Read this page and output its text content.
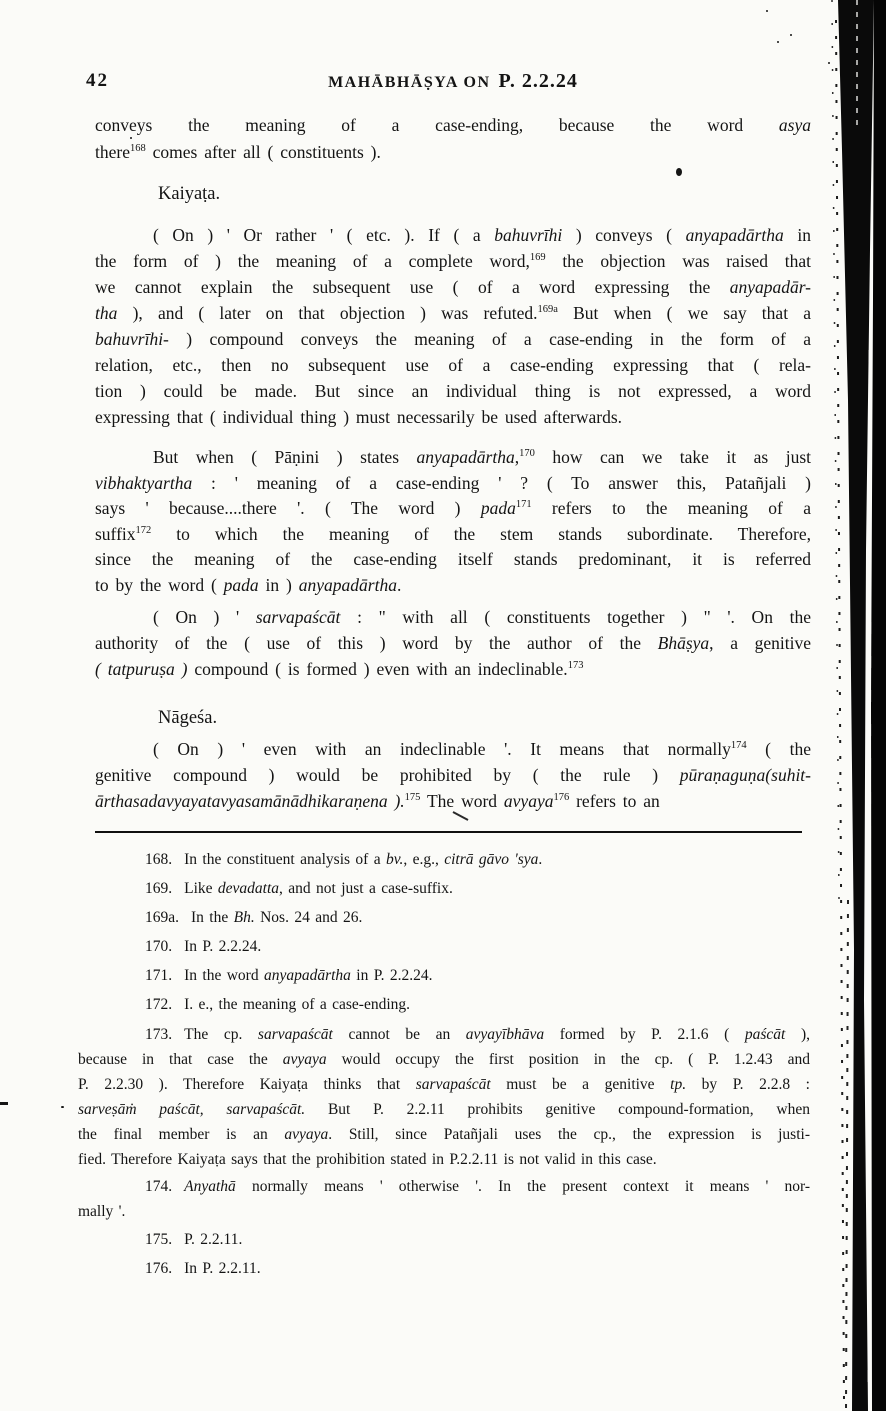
42	MAHĀBHĀṢYA ON P. 2.2.24
conveys the meaning of a case-ending, because the word asya
there$^{168}$ comes after all ( constituents ).
Kaiyaṭa.
( On ) ' Or rather ' ( etc. ). If ( a bahuvrīhi ) conveys ( anyapadārtha in
the form of ) the meaning of a complete word,$^{169}$ the objection was raised that
we cannot explain the subsequent use ( of a word expressing the anyapadār-
tha ), and ( later on that objection ) was refuted.$^{169a}$ But when ( we say that a
bahuvrīhi- ) compound conveys the meaning of a case-ending in the form of a
relation, etc., then no subsequent use of a case-ending expressing that ( rela-
tion ) could be made. But since an individual thing is not expressed, a word
expressing that ( individual thing ) must necessarily be used afterwards.
But when ( Pāṇini ) states anyapadārtha,$^{170}$ how can we take it as just
vibhaktyartha : ' meaning of a case-ending ' ? ( To answer this, Patañjali )
says ' because....there '. ( The word ) pada$^{171}$ refers to the meaning of a
suffix$^{172}$ to which the meaning of the stem stands subordinate. Therefore,
since the meaning of the case-ending itself stands predominant, it is referred
to by the word ( pada in ) anyapadārtha.
( On ) ' sarvapaścāt : " with all ( constituents together ) " '. On the
authority of the ( use of this ) word by the author of the Bhāṣya, a genitive
( tatpuruṣa ) compound ( is formed ) even with an indeclinable.$^{173}$
Nāgeśa.
( On ) ' even with an indeclinable '. It means that normally$^{174}$ ( the
genitive compound ) would be prohibited by ( the rule ) pūraṇaguṇa(suhit-
ārthasadavyayatavyasamānādhikaraṇena ).$^{175}$ The word avyaya$^{176}$ refers to an
168. In the constituent analysis of a bv., e.g., citrā gāvo 'sya.
169. Like devadatta, and not just a case-suffix.
169a. In the Bh. Nos. 24 and 26.
170. In P. 2.2.24.
171. In the word anyapadārtha in P. 2.2.24.
172. I. e., the meaning of a case-ending.
173. The cp. sarvapaścāt cannot be an avyayībhāva formed by P. 2.1.6 ( paścāt ),
because in that case the avyaya would occupy the first position in the cp. ( P. 1.2.43 and
P. 2.2.30 ). Therefore Kaiyaṭa thinks that sarvapaścāt must be a genitive tp. by P. 2.2.8 :
sarveṣāṁ paścāt, sarvapaścāt. But P. 2.2.11 prohibits genitive compound-formation, when
the final member is an avyaya. Still, since Patañjali uses the cp., the expression is justi-
fied. Therefore Kaiyaṭa says that the prohibition stated in P.2.2.11 is not valid in this case.
174. Anyathā normally means ' otherwise '. In the present context it means ' nor-
mally '.
175. P. 2.2.11.
176. In P. 2.2.11.
